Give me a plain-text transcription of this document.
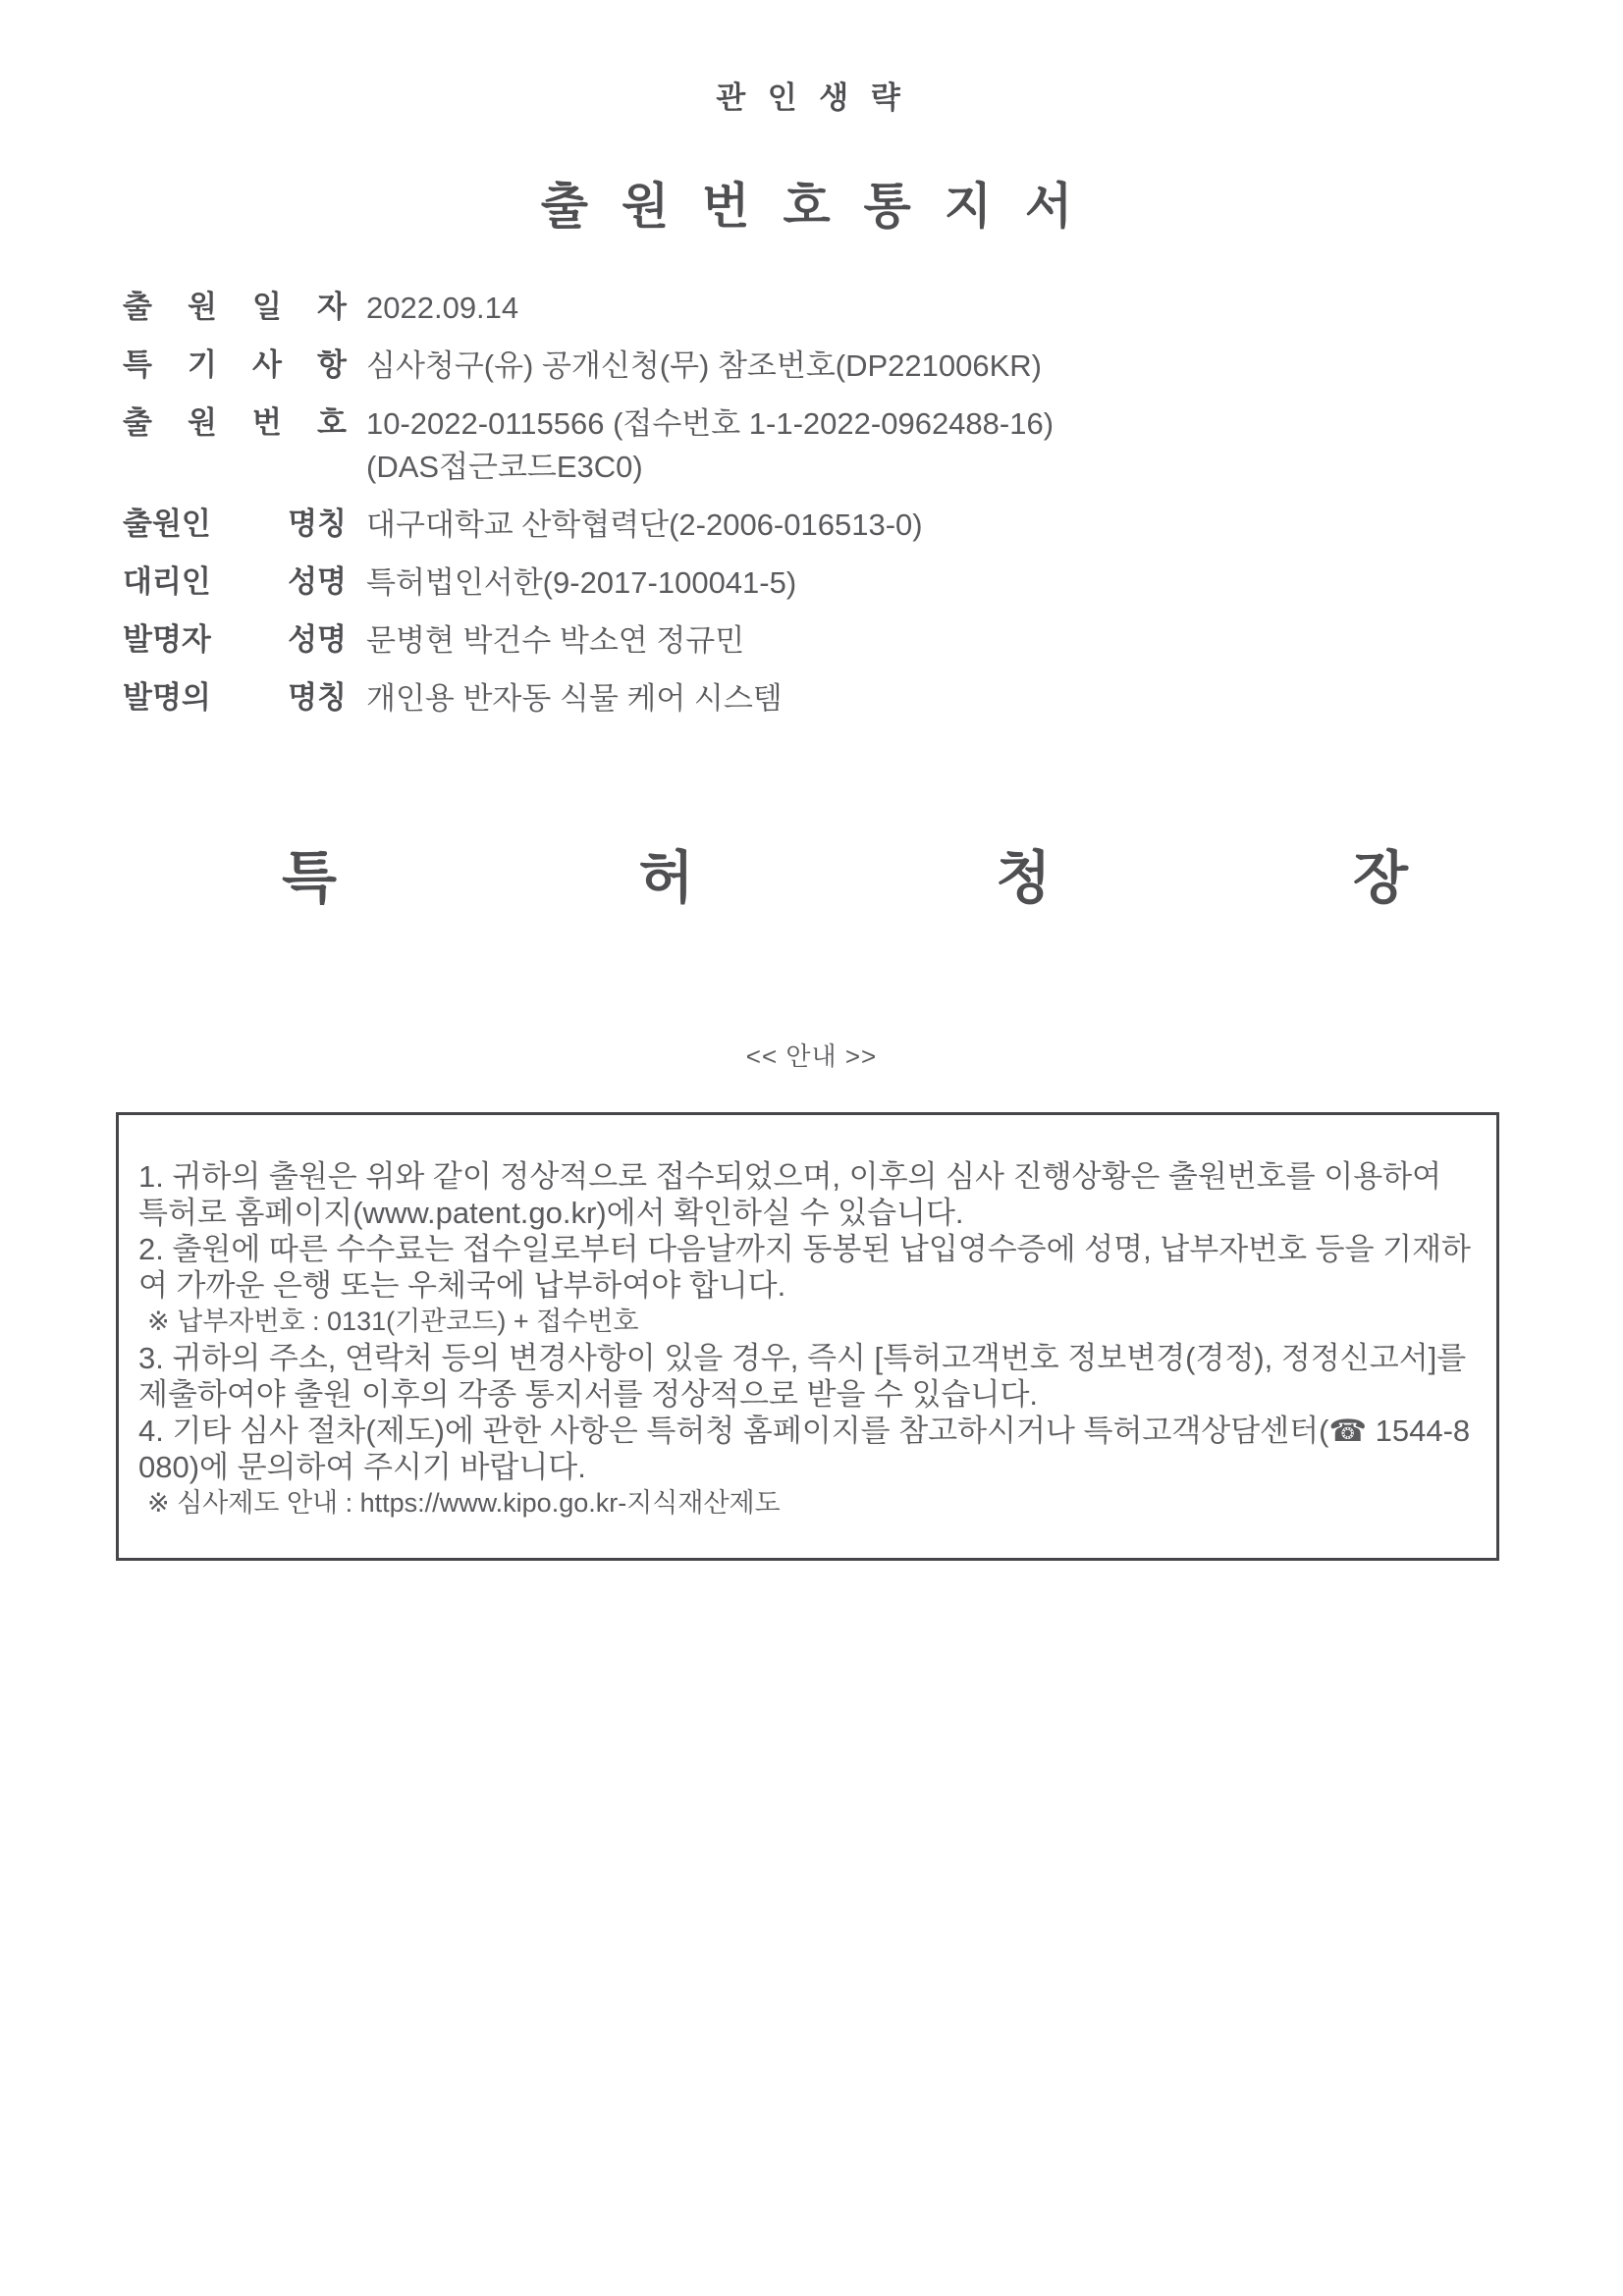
관 인 생 략
출 원 번 호 통 지 서
출 원 일 자 2022.09.14
특 기 사 항 심사청구(유) 공개신청(무) 참조번호(DP221006KR)
출 원 번 호 10-2022-0115566 (접수번호 1-1-2022-0962488-16)
(DAS접근코드E3C0)
출원인	명칭 대구대학교 산학협력단(2-2006-016513-0)
대리인	성명 특허법인서한(9-2017-100041-5)
발명자	성명 문병현 박건수 박소연 정규민
발명의	명칭 개인용 반자동 식물 케어 시스템
특	허	청	장
<< 안내 >>
1. 귀하의 출원은 위와 같이 정상적으로 접수되었으며, 이후의 심사 진행상황은 출원번호를 이용하여 특허로 홈페이지(www.patent.go.kr)에서 확인하실 수 있습니다.
2. 출원에 따른 수수료는 접수일로부터 다음날까지 동봉된 납입영수증에 성명, 납부자번호 등을 기재하여 가까운 은행 또는 우체국에 납부하여야 합니다.
※ 납부자번호 : 0131(기관코드) + 접수번호
3. 귀하의 주소, 연락처 등의 변경사항이 있을 경우, 즉시 [특허고객번호 정보변경(경정), 정정신고서]를 제출하여야 출원 이후의 각종 통지서를 정상적으로 받을 수 있습니다.
4. 기타 심사 절차(제도)에 관한 사항은 특허청 홈페이지를 참고하시거나 특허고객상담센터(☎ 1544-8080)에 문의하여 주시기 바랍니다.
※ 심사제도 안내 : https://www.kipo.go.kr-지식재산제도
